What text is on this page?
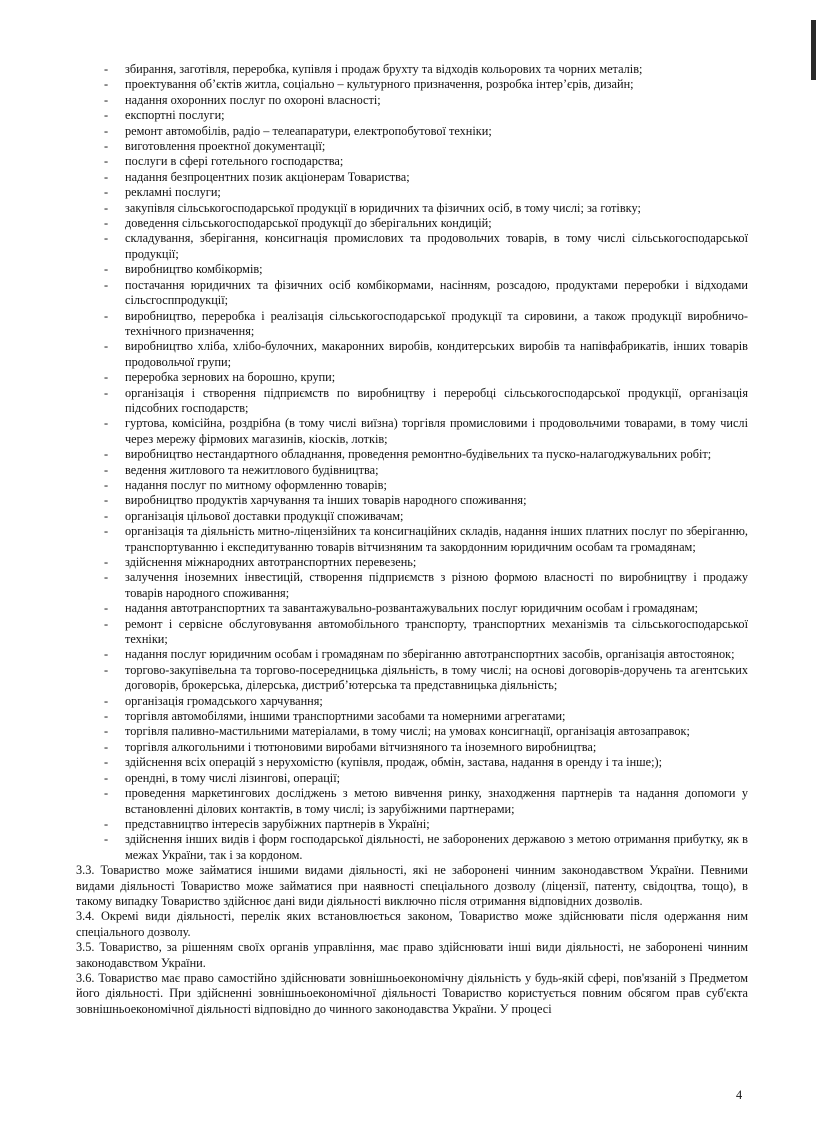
- збирання, заготівля, переробка, купівля і продаж брухту та відходів кольорових та чорних металів;
- проектування об’єктів житла, соціально – культурного призначення, розробка інтер’єрів, дизайн;
- надання охоронних послуг по охороні власності;
- експортні послуги;
- ремонт автомобілів, радіо – телеапаратури, електропобутової техніки;
- виготовлення проектної документації;
- послуги в сфері готельного господарства;
- надання безпроцентних позик акціонерам Товариства;
- рекламні послуги;
- закупівля сільськогосподарської продукції в юридичних та фізичних осіб, в тому числі; за готівку;
- доведення сільськогосподарської продукції до зберігальних кондицій;
- складування, зберігання, консигнація промислових та продовольчих товарів, в тому числі сільськогосподарської продукції;
- виробництво комбікормів;
- постачання юридичних та фізичних осіб комбікормами, насінням, розсадою, продуктами переробки і відходами сільсгосппродукції;
- виробництво, переробка і реалізація сільськогосподарської продукції та сировини, а також продукції виробничо-технічного призначення;
- виробництво хліба, хлібо-булочних, макаронних виробів, кондитерських виробів та напівфабрикатів, інших товарів продовольчої групи;
- переробка зернових на борошно, крупи;
- організація і створення підприємств по виробництву і переробці сільськогосподарської продукції, організація підсобних господарств;
- гуртова, комісійна, роздрібна (в тому числі виїзна) торгівля промисловими і продовольчими товарами, в тому числі через мережу фірмових магазинів, кіосків, лотків;
- виробництво нестандартного обладнання, проведення ремонтно-будівельних та пуско-налагоджувальних робіт;
- ведення житлового та нежитлового будівництва;
- надання послуг по митному оформленню товарів;
- виробництво продуктів харчування та інших товарів народного споживання;
- організація цільової доставки продукції споживачам;
- організація та діяльність митно-ліцензійних та консигнаційних складів, надання інших платних послуг по зберіганню, транспортуванню і експедитуванню товарів вітчизняним та закордонним юридичним особам та громадянам;
- здійснення міжнародних автотранспортних перевезень;
- залучення іноземних інвестицій, створення підприємств з різною формою власності по виробництву і продажу товарів народного споживання;
- надання автотранспортних та завантажувально-розвантажувальних послуг юридичним особам і громадянам;
- ремонт і сервісне обслуговування автомобільного транспорту, транспортних механізмів та сільськогосподарської техніки;
- надання послуг юридичним особам і громадянам по зберіганню автотранспортних засобів, організація автостоянок;
- торгово-закупівельна та торгово-посередницька діяльність, в тому числі; на основі договорів-доручень та агентських договорів, брокерська, ділерська, дистриб’ютерська та представницька діяльність;
- організація громадського харчування;
- торгівля автомобілями, іншими транспортними засобами та номерними агрегатами;
- торгівля паливно-мастильними матеріалами, в тому числі; на умовах консигнації, організація автозаправок;
- торгівля алкогольними і тютюновими виробами вітчизняного та іноземного виробництва;
- здійснення всіх операцій з нерухомістю (купівля, продаж, обмін, застава, надання в оренду і та інше;);
- орендні, в тому числі лізингові, операції;
- проведення маркетингових досліджень з метою вивчення ринку, знаходження партнерів та надання допомоги у встановленні ділових контактів, в тому числі; із зарубіжними партнерами;
- представництво інтересів зарубіжних партнерів в Україні;
- здійснення інших видів і форм господарської діяльності, не заборонених державою з метою отримання прибутку, як в межах України, так і за кордоном.

3.3. Товариство може займатися іншими видами діяльності, які не заборонені чинним законодавством України. Певними видами діяльності Товариство може займатися при наявності спеціального дозволу (ліцензії, патенту, свідоцтва, тощо), в такому випадку Товариство здійснює дані види діяльності виключно після отримання відповідних дозволів.

3.4. Окремі види діяльності, перелік яких встановлюється законом, Товариство може здійснювати після одержання ним спеціального дозволу.

3.5. Товариство, за рішенням своїх органів управління, має право здійснювати інші види діяльності, не заборонені чинним законодавством України.

3.6. Товариство має право самостійно здійснювати зовнішньоекономічну діяльність у будь-якій сфері, пов'язаній з Предметом його діяльності. При здійсненні зовнішньоекономічної діяльності Товариство користується повним обсягом прав суб'єкта зовнішньоекономічної діяльності відповідно до чинного законодавства України. У процесі

4
